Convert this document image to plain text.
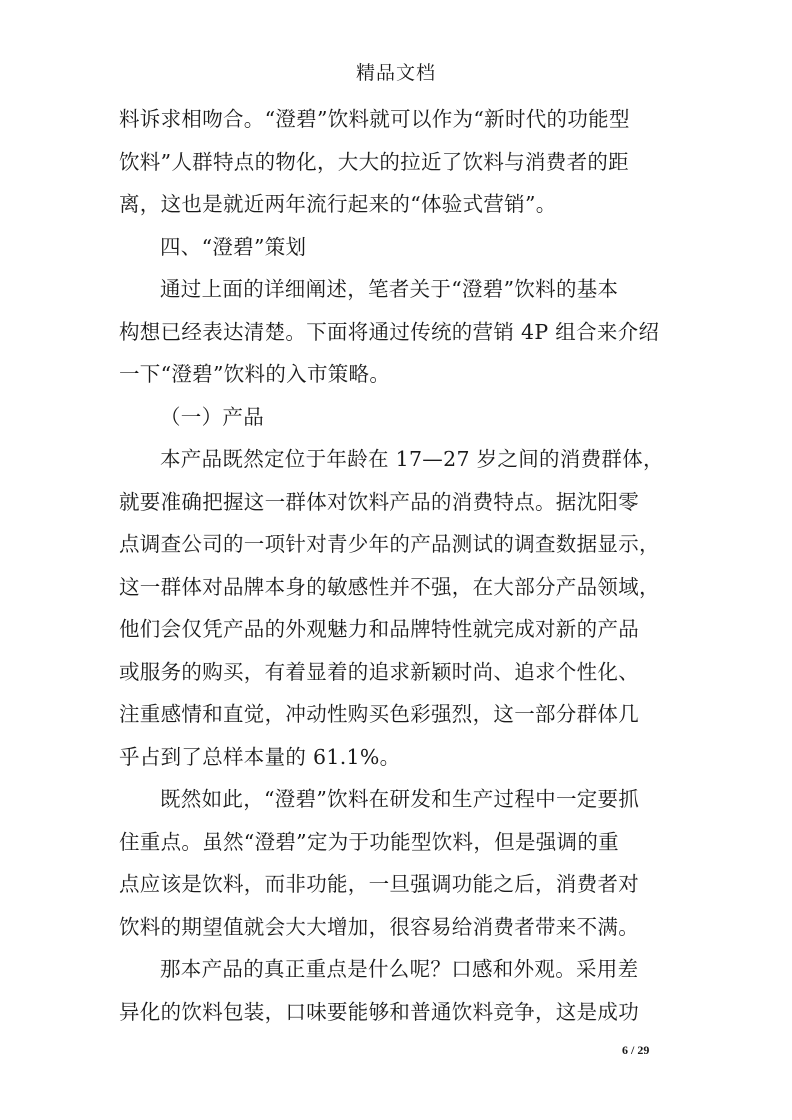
精品文档
料诉求相吻合。“澄碧”饮料就可以作为“新时代的功能型
饮料”人群特点的物化，大大的拉近了饮料与消费者的距
离，这也是就近两年流行起来的“体验式营销”。
四、“澄碧”策划
通过上面的详细阐述，笔者关于“澄碧”饮料的基本
构想已经表达清楚。下面将通过传统的营销 4P 组合来介绍
一下“澄碧”饮料的入市策略。
（一）产品
本产品既然定位于年龄在 17—27 岁之间的消费群体，
就要准确把握这一群体对饮料产品的消费特点。据沈阳零
点调查公司的一项针对青少年的产品测试的调查数据显示，
这一群体对品牌本身的敏感性并不强，在大部分产品领域，
他们会仅凭产品的外观魅力和品牌特性就完成对新的产品
或服务的购买，有着显着的追求新颖时尚、追求个性化、
注重感情和直觉，冲动性购买色彩强烈，这一部分群体几
乎占到了总样本量的 61.1%。
既然如此，“澄碧”饮料在研发和生产过程中一定要抓
住重点。虽然“澄碧”定为于功能型饮料，但是强调的重
点应该是饮料，而非功能，一旦强调功能之后，消费者对
饮料的期望值就会大大增加，很容易给消费者带来不满。
那本产品的真正重点是什么呢？口感和外观。采用差
异化的饮料包装，口味要能够和普通饮料竞争，这是成功
6 / 29
